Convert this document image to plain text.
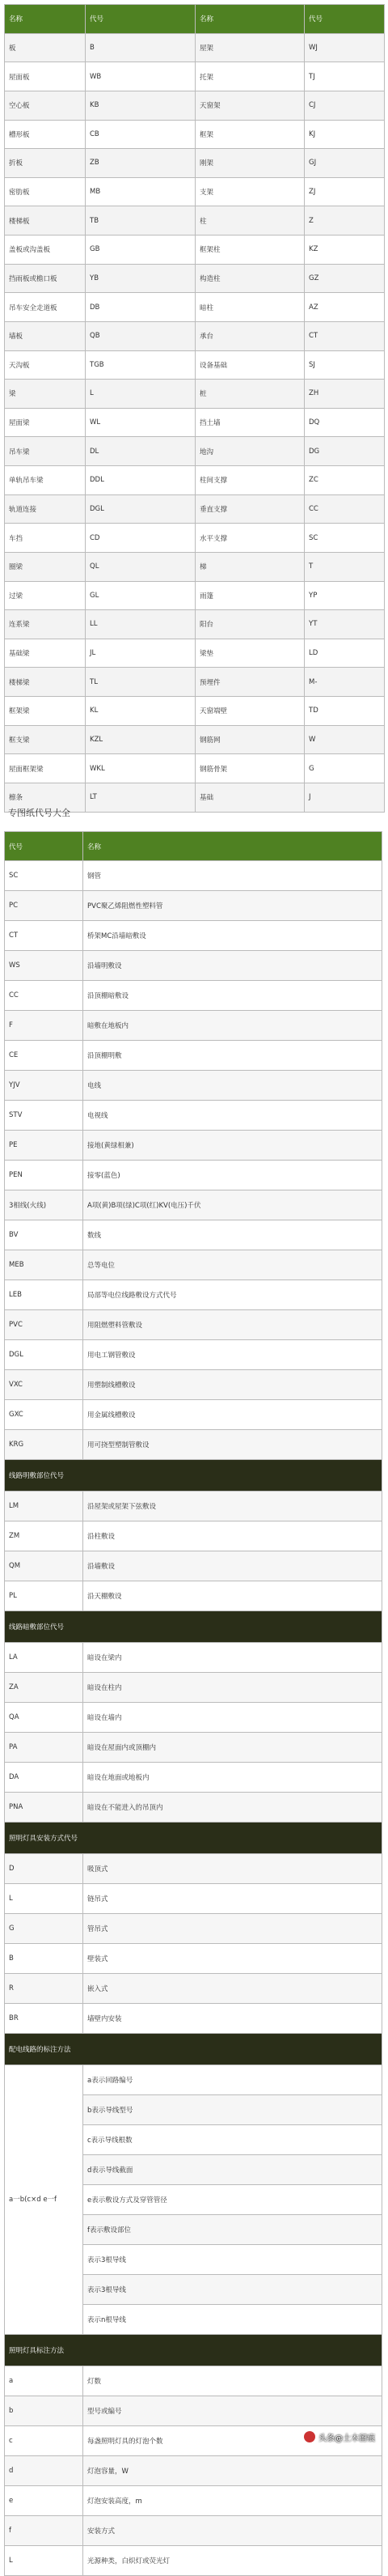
名称	代号	名称	代号
板	B	屋架	WJ
屋面板	WB	托架	TJ
空心板	KB	天窗架	CJ
槽形板	CB	框架	KJ
折板	ZB	刚架	GJ
密肋板	MB	支架	ZJ
楼梯板	TB	柱	Z
盖板或沟盖板	GB	框架柱	KZ
挡雨板或檐口板	YB	构造柱	GZ
吊车安全走道板	DB	暗柱	AZ
墙板	QB	承台	CT
天沟板	TGB	设备基础	SJ
梁	L	桩	ZH
屋面梁	WL	挡土墙	DQ
吊车梁	DL	地沟	DG
单轨吊车梁	DDL	柱间支撑	ZC
轨道连接	DGL	垂直支撑	CC
车挡	CD	水平支撑	SC
圈梁	QL	梯	T
过梁	GL	雨篷	YP
连系梁	LL	阳台	YT
基础梁	JL	梁垫	LD
楼梯梁	TL	预埋件	M-
框架梁	KL	天窗端壁	TD
框支梁	KZL	钢筋网	W
屋面框架梁	WKL	钢筋骨架	G
檩条	LT	基础	J
专图纸代号大全
代号	名称
SC	钢管
PC	PVC聚乙烯阻燃性塑料管
CT	桥架MC沿墙暗敷设
WS	沿墙明敷设
CC	沿顶棚暗敷设
F	暗敷在地板内
CE	沿顶棚明敷
YJV	电线
STV	电视线
PE	接地(黄绿相兼)
PEN	接零(蓝色)
3相线(火线)	A项(黄)B项(绿)C项(红)KV(电压)千伏
BV	数线
MEB	总等电位
LEB	局部等电位线路敷设方式代号
PVC	用阻燃塑料管敷设
DGL	用电工钢管敷设
VXC	用塑制线槽敷设
GXC	用金属线槽敷设
KRG	用可挠型塑制管敷设
线路明敷部位代号	
LM	沿屋架或屋架下弦敷设
ZM	沿柱敷设
QM	沿墙敷设
PL	沿天棚敷设
线路暗敷部位代号	
LA	暗设在梁内
ZA	暗设在柱内
QA	暗设在墙内
PA	暗设在屋面内或顶棚内
DA	暗设在地面或地板内
PNA	暗设在不能进入的吊顶内
照明灯具安装方式代号	
D	吸顶式
L	链吊式
G	管吊式
B	壁装式
R	嵌入式
BR	墙壁内安装
配电线路的标注方法	
a一b(c×d e一f	a表示回路编号
	b表示导线型号
	c表示导线根数
	d表示导线截面
	e表示敷设方式及穿管管径
	f表示敷设部位
	表示3根导线
	表示3根导线
	表示n根导线
照明灯具标注方法	
a	灯数
b	型号或编号
c	每盏照明灯具的灯泡个数
d	灯泡容量，W
e	灯泡安装高度，m
f	安装方式
L	光源种类，白炽灯或荧光灯
头条@土木留痕
